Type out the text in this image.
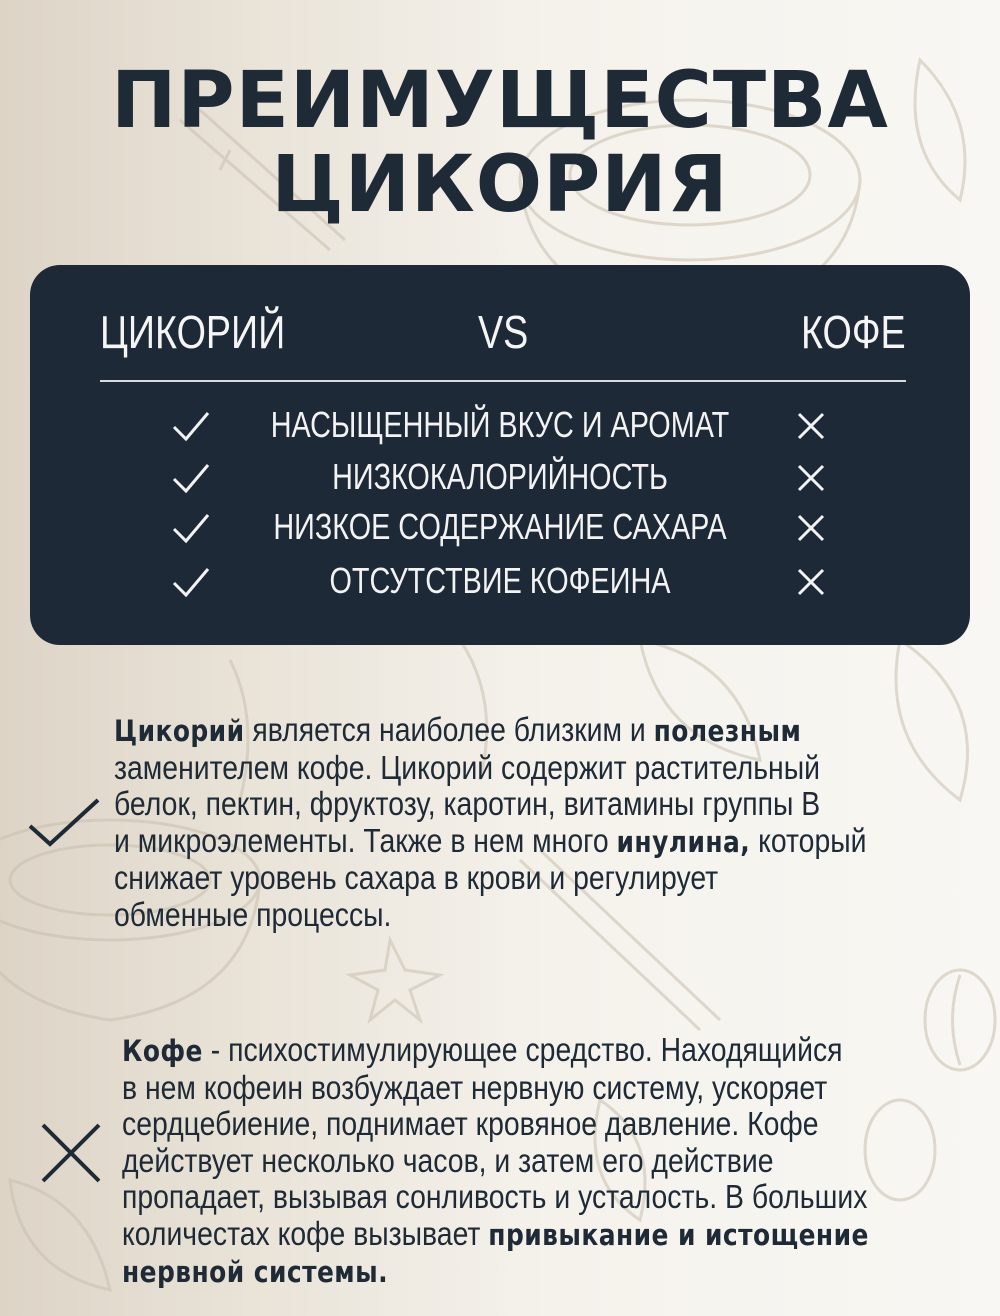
ПРЕИМУЩЕСТВА
ЦИКОРИЯ
ЦИКОРИЙ	VS	КОФЕ
НАСЫЩЕННЫЙ ВКУС И АРОМАТ
НИЗКОКАЛОРИЙНОСТЬ
НИЗКОЕ СОДЕРЖАНИЕ САХАРА
ОТСУТСТВИЕ КОФЕИНА
Цикорий является наиболее близким и полезным
заменителем кофе. Цикорий содержит растительный
белок, пектин, фруктозу, каротин, витамины группы В
и микроэлементы. Также в нем много инулина, который
снижает уровень сахара в крови и регулирует
обменные процессы.
Кофе - психостимулирующее средство. Находящийся
в нем кофеин возбуждает нервную систему, ускоряет
сердцебиение, поднимает кровяное давление. Кофе
действует несколько часов, и затем его действие
пропадает, вызывая сонливость и усталость. В больших
количестах кофе вызывает привыкание и истощение
нервной системы.
